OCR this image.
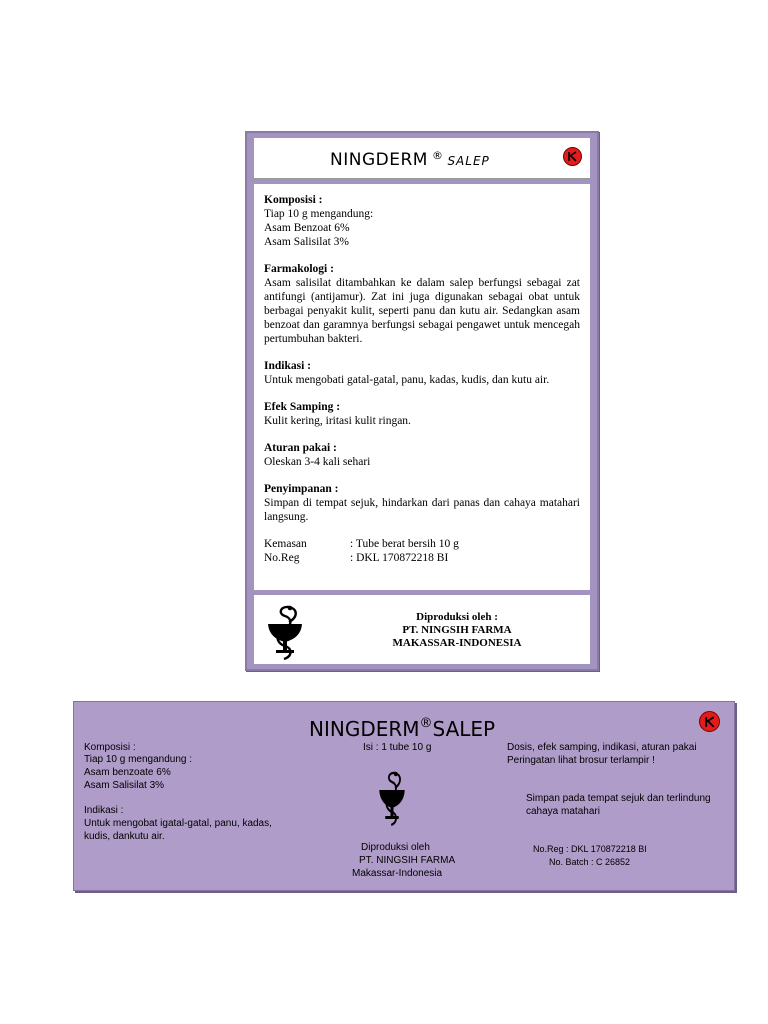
NINGDERM ® SALEP
Komposisi :

Tiap 10 g mengandung:

Asam Benzoat 6%

Asam Salisilat 3%

Farmakologi :

Asam salisilat ditambahkan ke dalam salep berfungsi sebagai zat antifungi (antijamur). Zat ini juga digunakan sebagai obat untuk berbagai penyakit kulit, seperti panu dan kutu air. Sedangkan asam benzoat dan garamnya berfungsi sebagai pengawet untuk mencegah pertumbuhan bakteri.

Indikasi :

Untuk mengobati gatal-gatal, panu, kadas, kudis, dan kutu air.

Efek Samping :

Kulit kering, iritasi kulit ringan.

Aturan pakai :

Oleskan 3-4 kali sehari

Penyimpanan :

Simpan di tempat sejuk, hindarkan dari panas dan cahaya matahari langsung.

Kemasan	: Tube berat bersih 10 g
No.Reg	: DKL 170872218 BI
Diproduksi oleh :
PT. NINGSIH FARMA
MAKASSAR-INDONESIA
NINGDERM®SALEP
Komposisi :
Tiap 10 g mengandung :
Asam benzoate 6%
Asam Salisilat 3%
Indikasi :
Untuk mengobat igatal-gatal, panu, kadas,
kudis, dankutu air.
Isi : 1 tube 10 g
Diproduksi oleh
PT. NINGSIH FARMA
Makassar-Indonesia
Dosis, efek samping, indikasi, aturan pakai
Peringatan lihat brosur terlampir !
Simpan pada tempat sejuk dan terlindung
cahaya matahari
No.Reg : DKL 170872218 BI
No. Batch : C 26852
